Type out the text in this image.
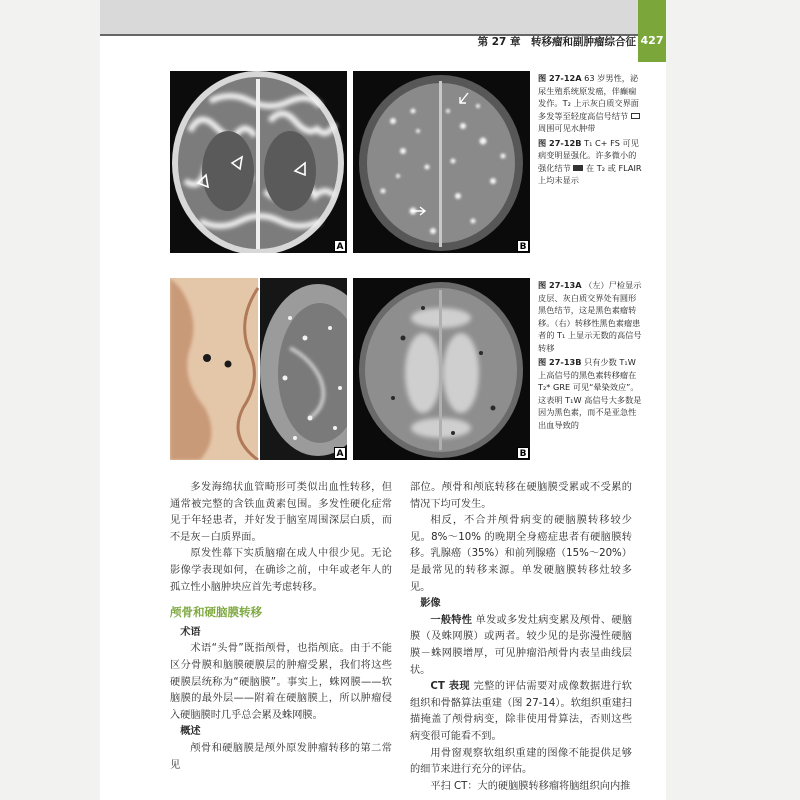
第 27 章　转移瘤和副肿瘤综合征 427
A	B
A	B

图 27-12A 63 岁男性，泌尿生殖系统原发癌，伴癫痫发作。T₂ 上示灰白质交界面多发等至轻度高信号结节  周围可见水肿带

图 27-12B T₁ C+ FS 可见病变明显强化。许多微小的强化结节 在 T₂ 或 FLAIR 上均未显示

图 27-13A （左）尸检显示皮层、灰白质交界处有圆形黑色结节，这是黑色素瘤转移。（右）转移性黑色素瘤患者的 T₁ 上显示无数的高信号转移

图 27-13B 只有少数 T₁W 上高信号的黑色素转移瘤在 T₂* GRE 可见“晕染效应”。这表明 T₁W 高信号大多数是因为黑色素，而不是亚急性出血导致的

多发海绵状血管畸形可类似出血性转移，但通常被完整的含铁血黄素包围。多发性硬化症常见于年轻患者，并好发于脑室周围深层白质，而不是灰－白质界面。

原发性幕下实质脑瘤在成人中很少见。无论影像学表现如何，在确诊之前，中年或老年人的孤立性小脑肿块应首先考虑转移。

颅骨和硬脑膜转移
术语

术语“头骨”既指颅骨，也指颅底。由于不能区分骨膜和脑膜硬膜层的肿瘤受累，我们将这些硬膜层统称为“硬脑膜”。事实上，蛛网膜——软脑膜的最外层——附着在硬脑膜上，所以肿瘤侵入硬脑膜时几乎总会累及蛛网膜。

概述

颅骨和硬脑膜是颅外原发肿瘤转移的第二常见

部位。颅骨和颅底转移在硬脑膜受累或不受累的情况下均可发生。

相反，不合并颅骨病变的硬脑膜转移较少见。8%～10% 的晚期全身癌症患者有硬脑膜转移。乳腺癌（35%）和前列腺癌（15%～20%）是最常见的转移来源。单发硬脑膜转移灶较多见。

影像

一般特性 单发或多发灶病变累及颅骨、硬脑膜（及蛛网膜）或两者。较少见的是弥漫性硬脑膜－蛛网膜增厚，可见肿瘤沿颅骨内表呈曲线层状。

CT 表现 完整的评估需要对成像数据进行软组织和骨骼算法重建（图 27-14）。软组织重建扫描掩盖了颅骨病变，除非使用骨算法，否则这些病变很可能看不到。

用骨窗观察软组织重建的图像不能提供足够的细节来进行充分的评估。

平扫 CT：大的硬脑膜转移瘤将脑组织向内推
